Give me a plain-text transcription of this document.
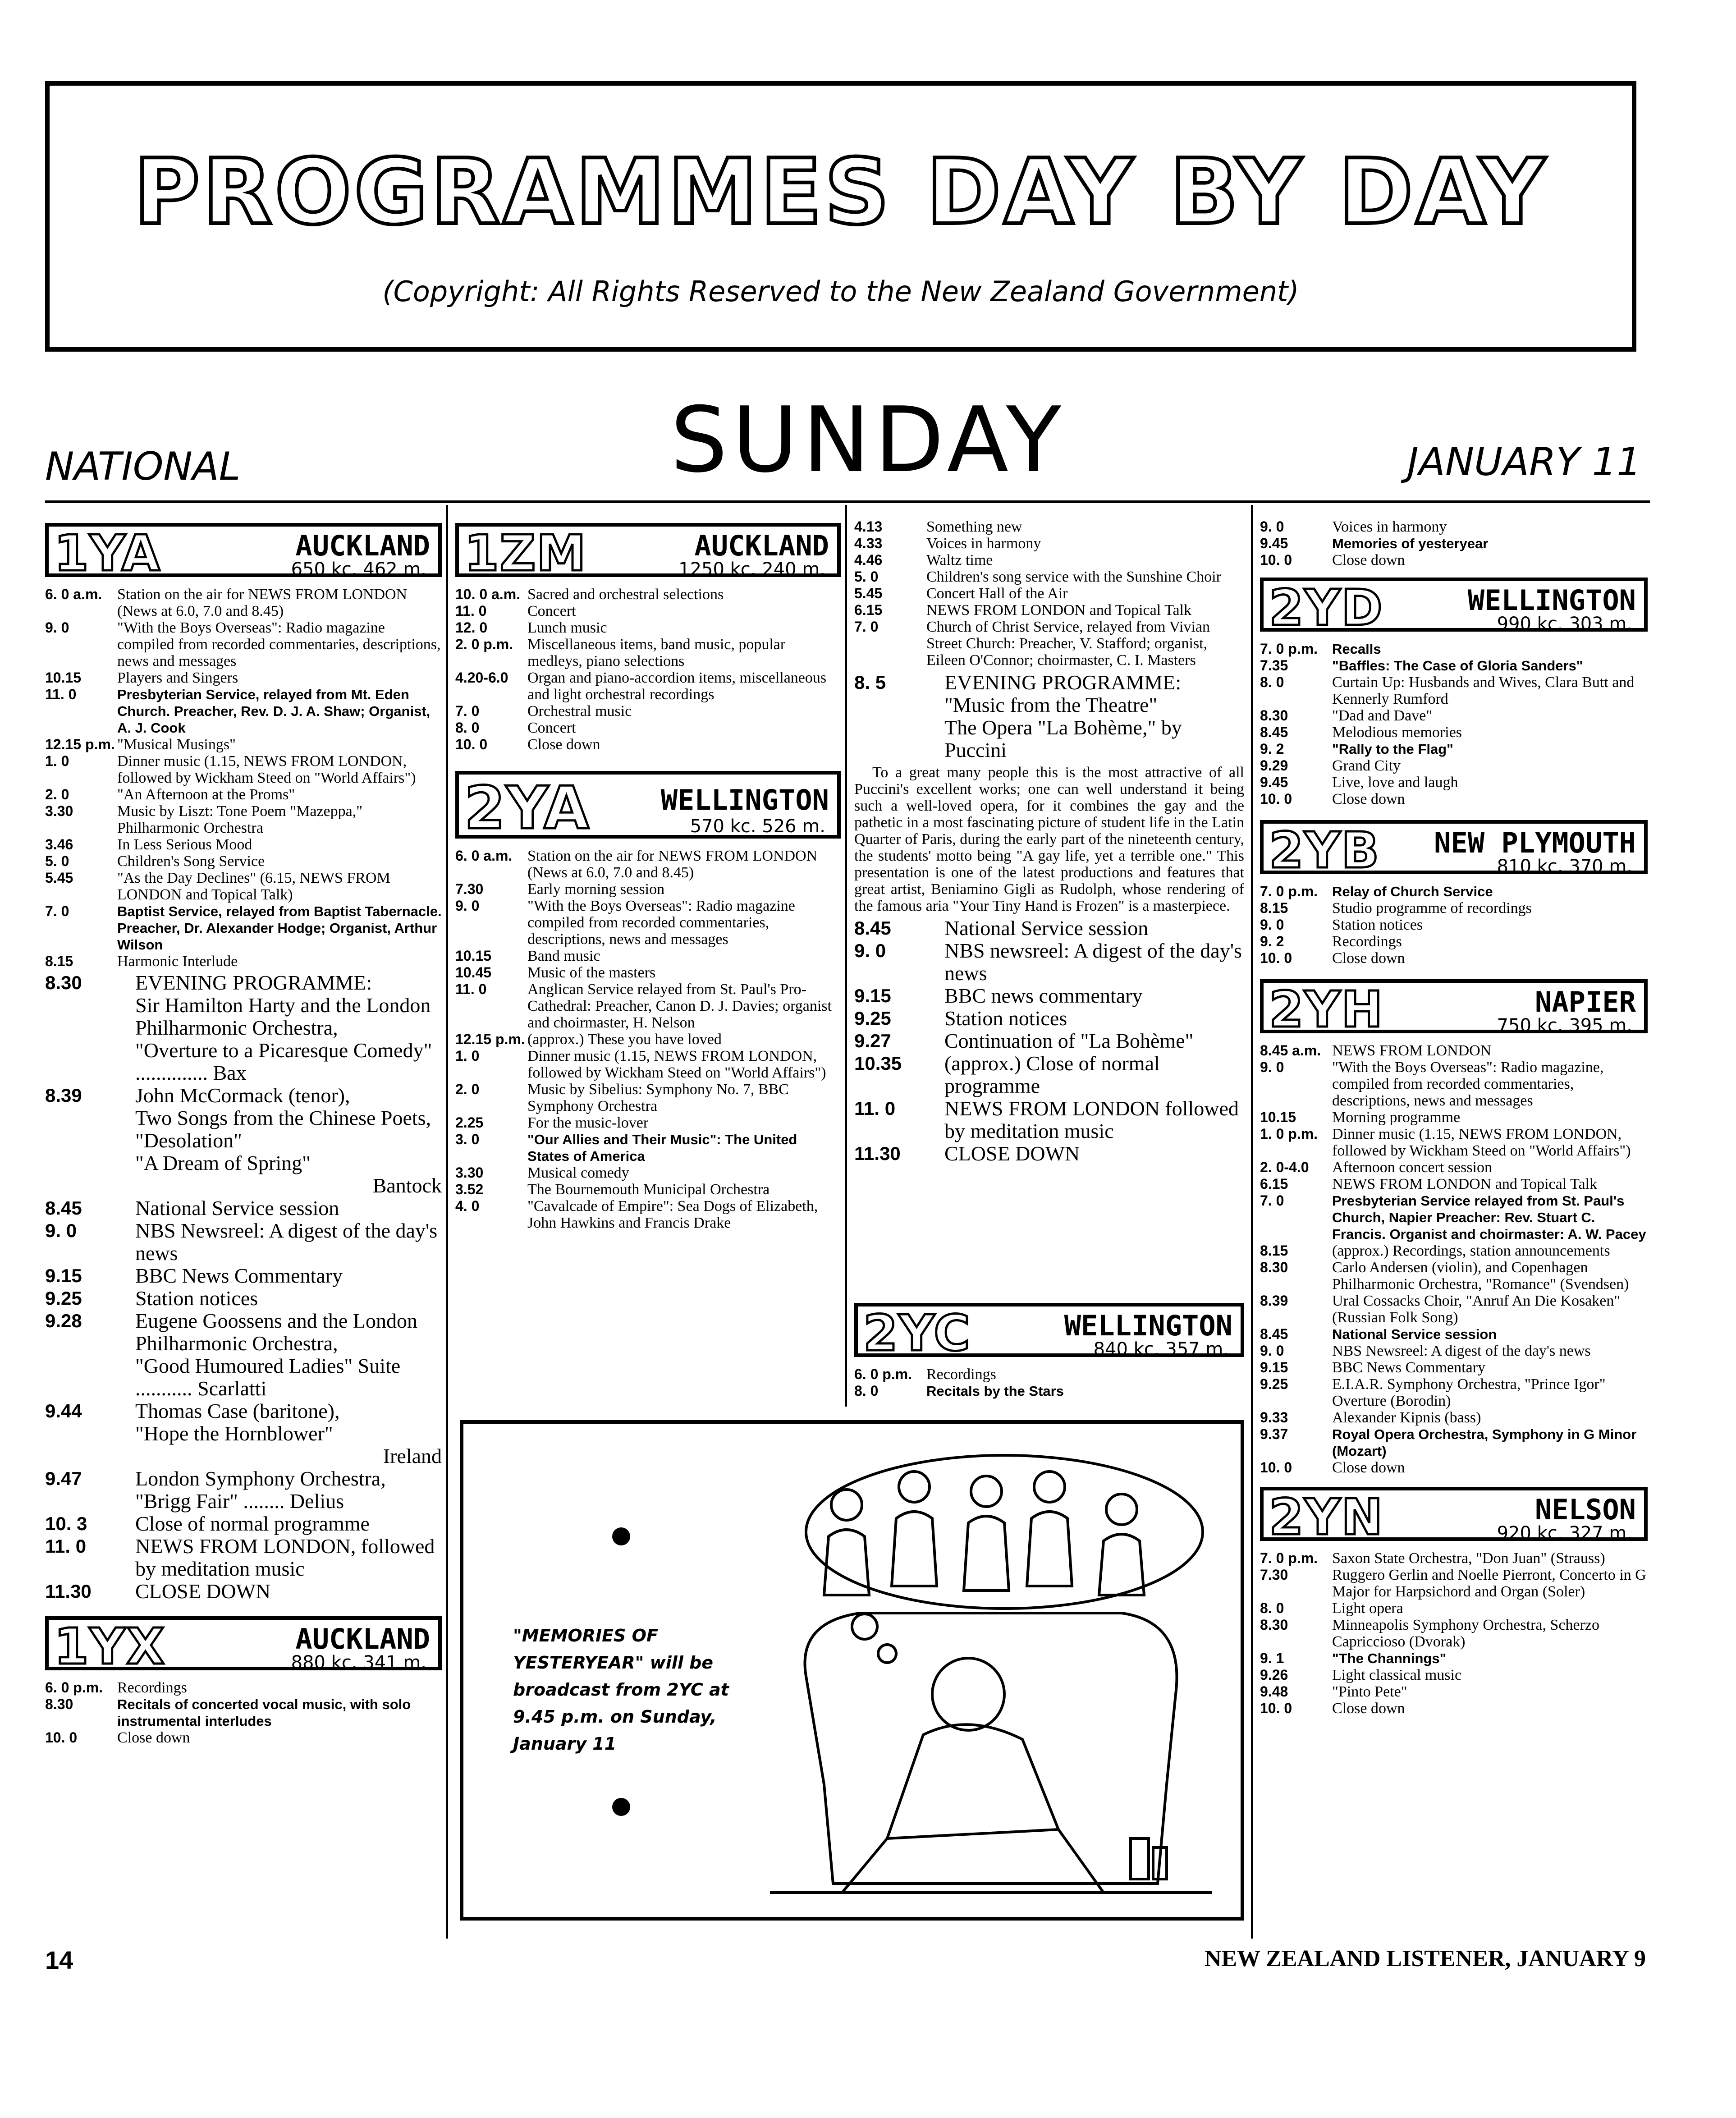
PROGRAMMES DAY BY DAY
(Copyright: All Rights Reserved to the New Zealand Government)
SUNDAY
NATIONAL	JANUARY 11
1YA	AUCKLAND
650 kc. 462 m.
6. 0 a.m. Station on the air for NEWS FROM LONDON (News at 6.0, 7.0 and 8.45)
9. 0	"With the Boys Overseas": Radio magazine compiled from recorded commentaries, descriptions, news and messages
10.15	Players and Singers
11. 0	Presbyterian Service, relayed from Mt. Eden Church. Preacher, Rev. D. J. A. Shaw; Organist, A. J. Cook
12.15 p.m. "Musical Musings"
1. 0	Dinner music (1.15, NEWS FROM LONDON, followed by Wickham Steed on "World Affairs")
2. 0	"An Afternoon at the Proms"
3.30	Music by Liszt: Tone Poem "Mazeppa," Philharmonic Orchestra
3.46	In Less Serious Mood
5. 0	Children's Song Service
5.45	"As the Day Declines" (6.15, NEWS FROM LONDON and Topical Talk)
7. 0	Baptist Service, relayed from Baptist Tabernacle. Preacher, Dr. Alexander Hodge; Organist, Arthur Wilson
8.15	Harmonic Interlude
8.30	EVENING PROGRAMME:
Sir Hamilton Harty and the London Philharmonic Orchestra,
"Overture to a Picaresque Comedy" .............. Bax
8.39	John McCormack (tenor),
Two Songs from the Chinese Poets,
"Desolation"
"A Dream of Spring"
Bantock
8.45	National Service session
9. 0	NBS Newsreel: A digest of the day's news
9.15	BBC News Commentary
9.25	Station notices
9.28	Eugene Goossens and the London Philharmonic Orchestra,
"Good Humoured Ladies" Suite ........... Scarlatti
9.44	Thomas Case (baritone),
"Hope the Hornblower"
Ireland
9.47	London Symphony Orchestra,
"Brigg Fair" ........ Delius
10. 3	Close of normal programme
11. 0	NEWS FROM LONDON, followed by meditation music
11.30	CLOSE DOWN
1YX	AUCKLAND
880 kc. 341 m.
6. 0 p.m. Recordings
8.30	Recitals of concerted vocal music, with solo instrumental interludes
10. 0	Close down
1ZM	AUCKLAND
1250 kc. 240 m.
10. 0 a.m. Sacred and orchestral selections
11. 0	Concert
12. 0	Lunch music
2. 0 p.m. Miscellaneous items, band music, popular medleys, piano selections
4.20-6.0	Organ and piano-accordion items, miscellaneous and light orchestral recordings
7. 0	Orchestral music
8. 0	Concert
10. 0	Close down
2YA	WELLINGTON
570 kc. 526 m.
6. 0 a.m. Station on the air for NEWS FROM LONDON (News at 6.0, 7.0 and 8.45)
7.30	Early morning session
9. 0	"With the Boys Overseas": Radio magazine compiled from recorded commentaries, descriptions, news and messages
10.15	Band music
10.45	Music of the masters
11. 0	Anglican Service relayed from St. Paul's Pro-Cathedral: Preacher, Canon D. J. Davies; organist and choirmaster, H. Nelson
12.15 p.m. (approx.) These you have loved
1. 0	Dinner music (1.15, NEWS FROM LONDON, followed by Wickham Steed on "World Affairs")
2. 0	Music by Sibelius: Symphony No. 7, BBC Symphony Orchestra
2.25	For the music-lover
3. 0	"Our Allies and Their Music": The United States of America
3.30	Musical comedy
3.52	The Bournemouth Municipal Orchestra
4. 0	"Cavalcade of Empire": Sea Dogs of Elizabeth, John Hawkins and Francis Drake
4.13	Something new
4.33	Voices in harmony
4.46	Waltz time
5. 0	Children's song service with the Sunshine Choir
5.45	Concert Hall of the Air
6.15	NEWS FROM LONDON and Topical Talk
7. 0	Church of Christ Service, relayed from Vivian Street Church: Preacher, V. Stafford; organist, Eileen O'Connor; choirmaster, C. I. Masters
8. 5	EVENING PROGRAMME:
"Music from the Theatre"
The Opera "La Bohème," by Puccini
To a great many people this is the most attractive of all Puccini's excellent works; one can well understand it being such a well-loved opera, for it combines the gay and the pathetic in a most fascinating picture of student life in the Latin Quarter of Paris, during the early part of the nineteenth century, the students' motto being "A gay life, yet a terrible one." This presentation is one of the latest productions and features that great artist, Beniamino Gigli as Rudolph, whose rendering of the famous aria "Your Tiny Hand is Frozen" is a masterpiece.
8.45	National Service session
9. 0	NBS newsreel: A digest of the day's news
9.15	BBC news commentary
9.25	Station notices
9.27	Continuation of "La Bohème"
10.35	(approx.) Close of normal programme
11. 0	NEWS FROM LONDON followed by meditation music
11.30	CLOSE DOWN
2YC	WELLINGTON
840 kc. 357 m.
6. 0 p.m. Recordings
8. 0	Recitals by the Stars
"MEMORIES OF YESTERYEAR" will be broadcast from 2YC at 9.45 p.m. on Sunday, January 11
9. 0	Voices in harmony
9.45	Memories of yesteryear
10. 0	Close down
2YD	WELLINGTON
990 kc. 303 m.
7. 0 p.m.	Recalls
7.35	"Baffles: The Case of Gloria Sanders"
8. 0	Curtain Up: Husbands and Wives, Clara Butt and Kennerly Rumford
8.30	"Dad and Dave"
8.45	Melodious memories
9. 2	"Rally to the Flag"
9.29	Grand City
9.45	Live, love and laugh
10. 0	Close down
2YB NEW PLYMOUTH
810 kc. 370 m.
7. 0 p.m.	Relay of Church Service
8.15	Studio programme of recordings
9. 0	Station notices
9. 2	Recordings
10. 0	Close down
2YH	NAPIER
750 kc. 395 m.
8.45 a.m. NEWS FROM LONDON
9. 0	"With the Boys Overseas": Radio magazine, compiled from recorded commentaries, descriptions, news and messages
10.15	Morning programme
1. 0 p.m. Dinner music (1.15, NEWS FROM LONDON, followed by Wickham Steed on "World Affairs")
2. 0-4.0	Afternoon concert session
6.15	NEWS FROM LONDON and Topical Talk
7. 0	Presbyterian Service relayed from St. Paul's Church, Napier Preacher: Rev. Stuart C. Francis. Organist and choirmaster: A. W. Pacey
8.15	(approx.) Recordings, station announcements
8.30	Carlo Andersen (violin), and Copenhagen Philharmonic Orchestra, "Romance" (Svendsen)
8.39	Ural Cossacks Choir, "Anruf An Die Kosaken" (Russian Folk Song)
8.45	National Service session
9. 0	NBS Newsreel: A digest of the day's news
9.15	BBC News Commentary
9.25	E.I.A.R. Symphony Orchestra, "Prince Igor" Overture (Borodin)
9.33	Alexander Kipnis (bass)
9.37	Royal Opera Orchestra, Symphony in G Minor (Mozart)
10. 0	Close down
2YN	NELSON
920 kc. 327 m.
7. 0 p.m. Saxon State Orchestra, "Don Juan" (Strauss)
7.30	Ruggero Gerlin and Noelle Pierront, Concerto in G Major for Harpsichord and Organ (Soler)
8. 0	Light opera
8.30	Minneapolis Symphony Orchestra, Scherzo Capriccioso (Dvorak)
9. 1	"The Channings"
9.26	Light classical music
9.48	"Pinto Pete"
10. 0	Close down
14	NEW ZEALAND LISTENER, JANUARY 9
